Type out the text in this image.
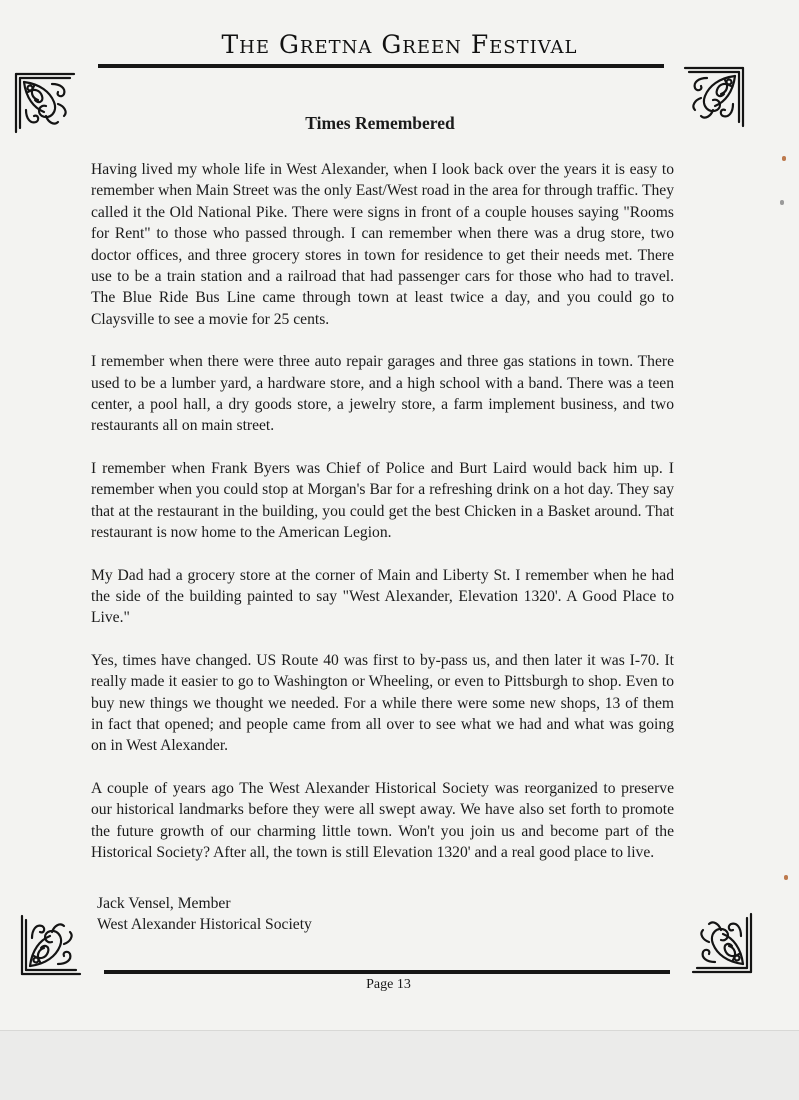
The Gretna Green Festival
Times Remembered

Having lived my whole life in West Alexander, when I look back over the years it is easy to remember when Main Street was the only East/West road in the area for through traffic. They called it the Old National Pike. There were signs in front of a couple houses saying "Rooms for Rent" to those who passed through. I can remember when there was a drug store, two doctor offices, and three grocery stores in town for residence to get their needs met. There use to be a train station and a railroad that had passenger cars for those who had to travel. The Blue Ride Bus Line came through town at least twice a day, and you could go to Claysville to see a movie for 25 cents.

I remember when there were three auto repair garages and three gas stations in town. There used to be a lumber yard, a hardware store, and a high school with a band. There was a teen center, a pool hall, a dry goods store, a jewelry store, a farm implement business, and two restaurants all on main street.

I remember when Frank Byers was Chief of Police and Burt Laird would back him up. I remember when you could stop at Morgan's Bar for a refreshing drink on a hot day. They say that at the restaurant in the building, you could get the best Chicken in a Basket around. That restaurant is now home to the American Legion.

My Dad had a grocery store at the corner of Main and Liberty St. I remember when he had the side of the building painted to say "West Alexander, Elevation 1320'. A Good Place to Live."

Yes, times have changed. US Route 40 was first to by-pass us, and then later it was I-70. It really made it easier to go to Washington or Wheeling, or even to Pittsburgh to shop. Even to buy new things we thought we needed. For a while there were some new shops, 13 of them in fact that opened; and people came from all over to see what we had and what was going on in West Alexander.

A couple of years ago The West Alexander Historical Society was reorganized to preserve our historical landmarks before they were all swept away. We have also set forth to promote the future growth of our charming little town. Won't you join us and become part of the Historical Society? After all, the town is still Elevation 1320' and a real good place to live.

Jack Vensel, Member
West Alexander Historical Society
Page 13
